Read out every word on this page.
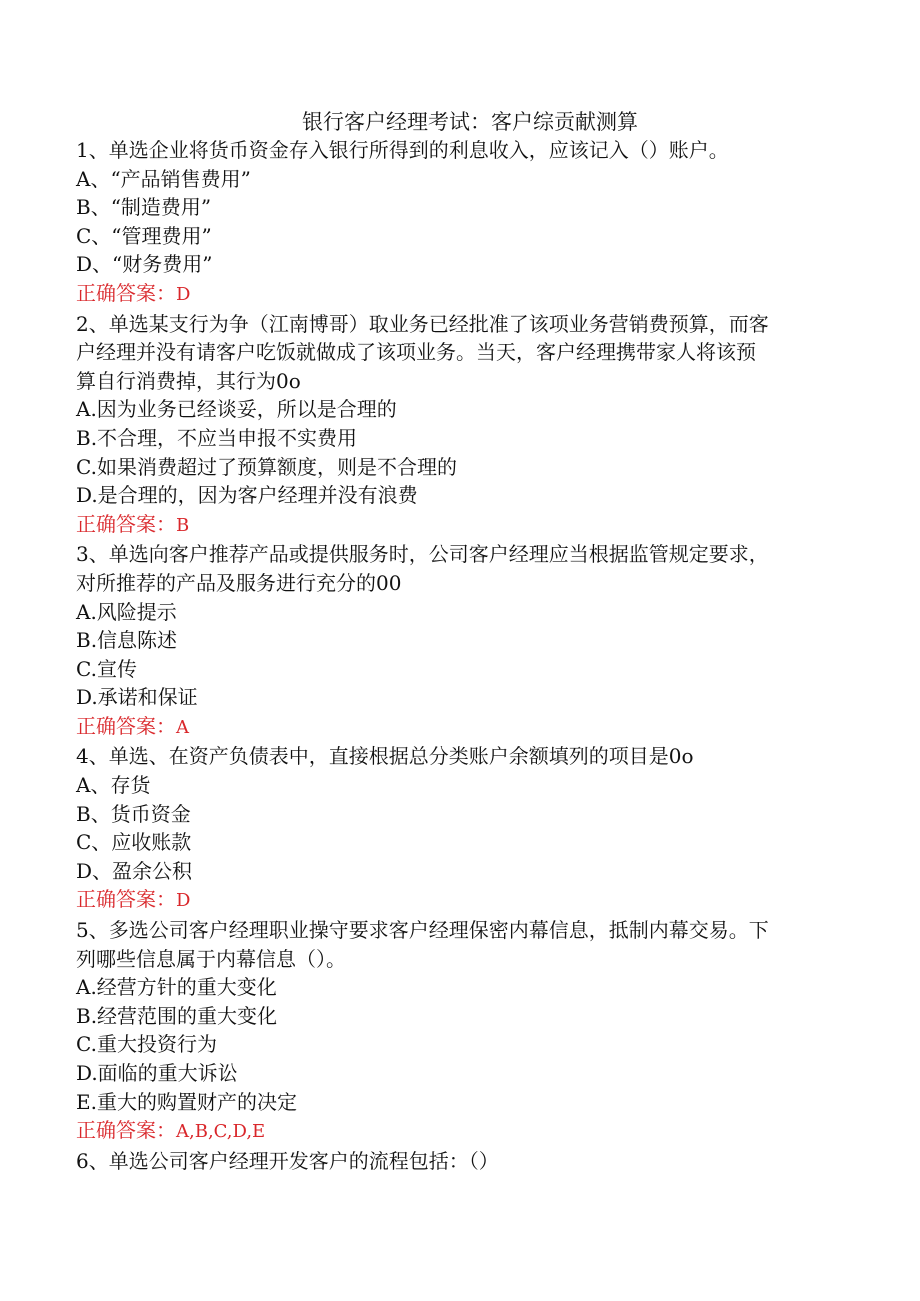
银行客户经理考试：客户综贡献测算

1、单选企业将货币资金存入银行所得到的利息收入，应该记入（）账户。

A、“产品销售费用”

B、“制造费用”

C、“管理费用”

D、“财务费用”

正确答案：D

2、单选某支行为争（江南博哥）取业务已经批准了该项业务营销费预算，而客

户经理并没有请客户吃饭就做成了该项业务。当天，客户经理携带家人将该预

算自行消费掉，其行为0o

A.因为业务已经谈妥，所以是合理的

B.不合理，不应当申报不实费用

C.如果消费超过了预算额度，则是不合理的

D.是合理的，因为客户经理并没有浪费

正确答案：B

3、单选向客户推荐产品或提供服务时，公司客户经理应当根据监管规定要求，

对所推荐的产品及服务进行充分的00

A.风险提示

B.信息陈述

C.宣传

D.承诺和保证

正确答案：A

4、单选、在资产负债表中，直接根据总分类账户余额填列的项目是0o

A、存货

B、货币资金

C、应收账款

D、盈余公积

正确答案：D

5、多选公司客户经理职业操守要求客户经理保密内幕信息，抵制内幕交易。下

列哪些信息属于内幕信息（）。

A.经营方针的重大变化

B.经营范围的重大变化

C.重大投资行为

D.面临的重大诉讼

E.重大的购置财产的决定

正确答案：A,B,C,D,E

6、单选公司客户经理开发客户的流程包括：（）
